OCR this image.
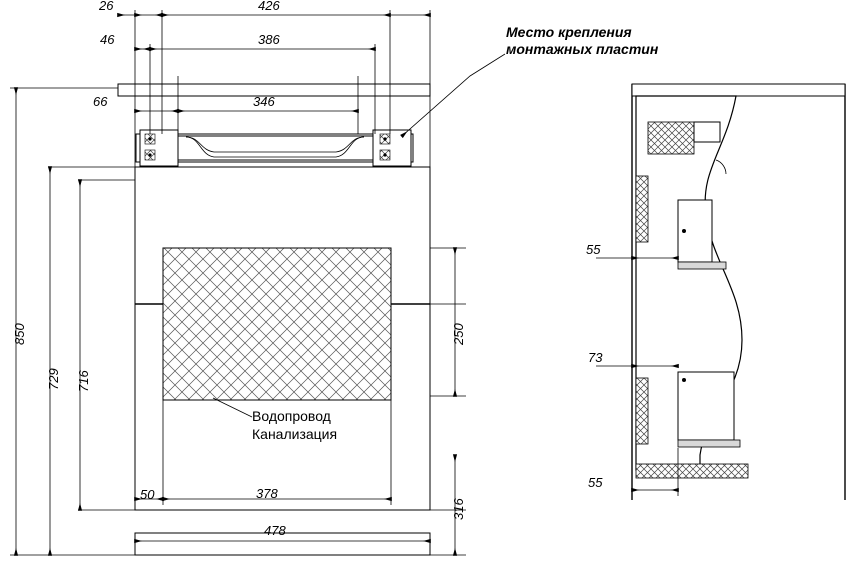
26	426
46	386
66	346
850
729 716
250
316
50	378
478
55
73
55
Место крепления
монтажных пластин
Водопровод
Канализация
